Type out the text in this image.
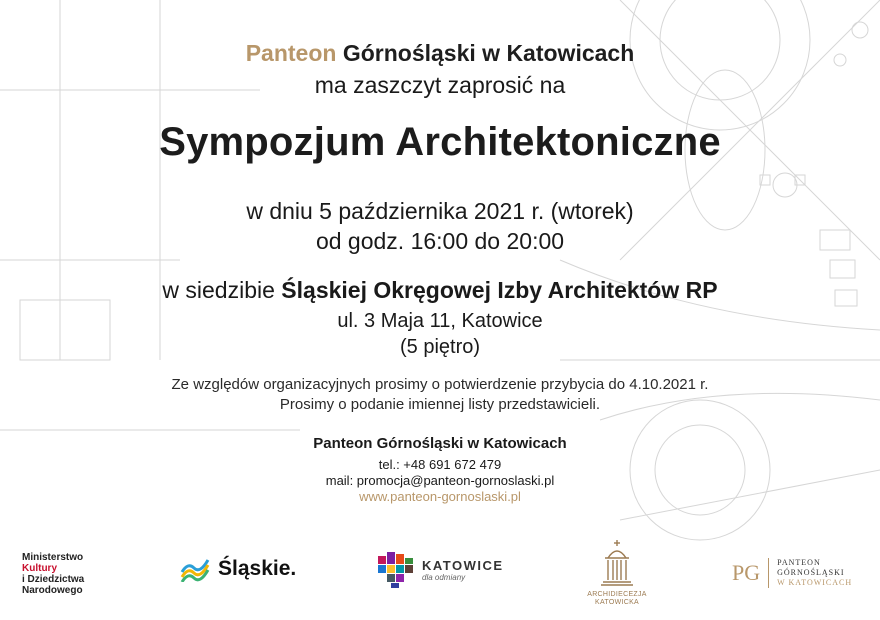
Panteon Górnośląski w Katowicach
ma zaszczyt zaprosić na
Sympozjum Architektoniczne
w dniu 5 października 2021 r. (wtorek)
od godz. 16:00 do 20:00
w siedzibie Śląskiej Okręgowej Izby Architektów RP
ul. 3 Maja 11, Katowice
(5 piętro)
Ze względów organizacyjnych prosimy o potwierdzenie przybycia do 4.10.2021 r.
Prosimy o podanie imiennej listy przedstawicieli.
Panteon Górnośląski w Katowicach
tel.: +48 691 672 479
mail: promocja@panteon-gornoslaski.pl
www.panteon-gornoslaski.pl
Ministerstwo
Kultury
i Dziedzictwa
Narodowego
Śląskie.	KATOWICE
dla odmiany
ARCHIDIECEZJA
KATOWICKA
PG PANTEON
GÓRNOŚLĄSKI
W KATOWICACH
